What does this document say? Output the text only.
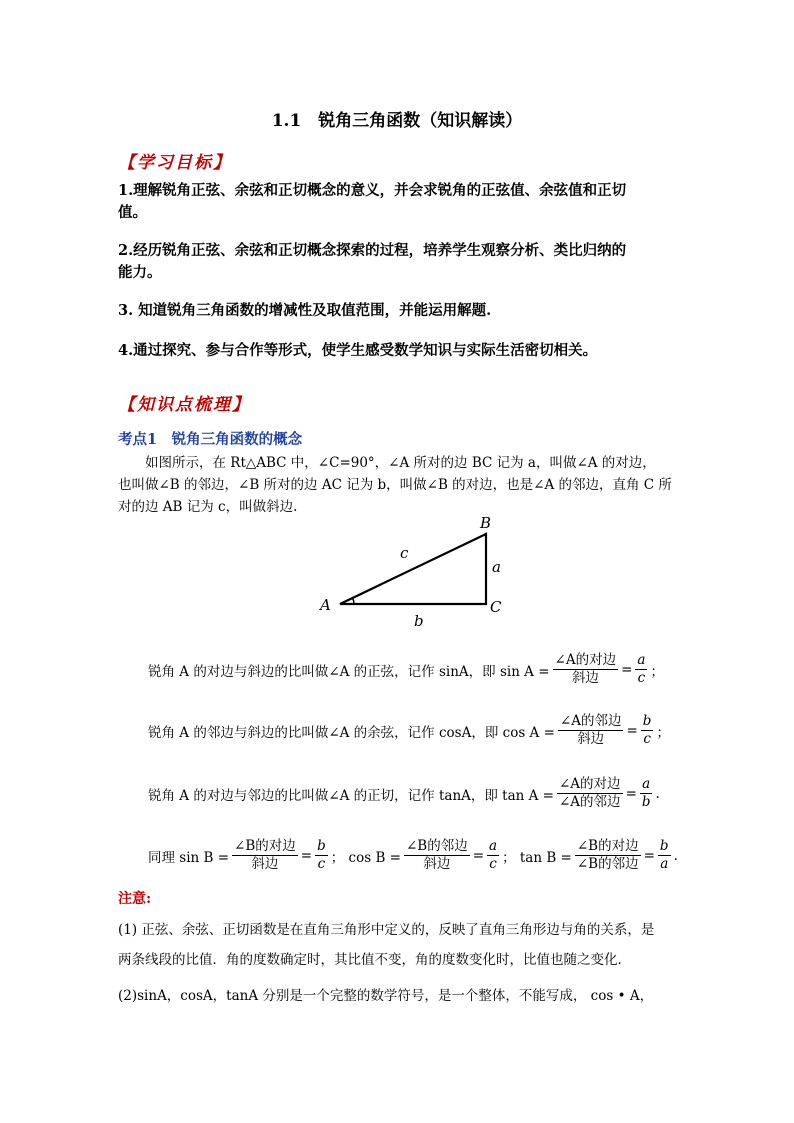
1.1　锐角三角函数（知识解读）
【学习目标】
1.理解锐角正弦、余弦和正切概念的意义，并会求锐角的正弦值、余弦值和正切
值。
2.经历锐角正弦、余弦和正切概念探索的过程，培养学生观察分析、类比归纳的
能力。
3. 知道锐角三角函数的增减性及取值范围，并能运用解题.
4.通过探究、参与合作等形式，使学生感受数学知识与实际生活密切相关。
【知识点梳理】
考点1　锐角三角函数的概念
　　如图所示，在 Rt△ABC 中，∠C=90°，∠A 所对的边 BC 记为 a，叫做∠A 的对边，
也叫做∠B 的邻边，∠B 所对的边 AC 记为 b，叫做∠B 的对边，也是∠A 的邻边，直角 C 所
对的边 AB 记为 c，叫做斜边.
B
A	C
c
a
b
锐角 A 的对边与斜边的比叫做∠A 的正弦，记作 sinA，即 $\sin A = \frac{\text{∠A的对边}}{\text{斜边}} = \frac{a}{c}$ ；
锐角 A 的邻边与斜边的比叫做∠A 的余弦，记作 cosA，即 $\cos A = \frac{\text{∠A的邻边}}{\text{斜边}} = \frac{b}{c}$ ；
锐角 A 的对边与邻边的比叫做∠A 的正切，记作 tanA，即 $\tan A = \frac{\text{∠A的对边}}{\text{∠A的邻边}} = \frac{a}{b}$ .
同理 $\sin B = \frac{\text{∠B的对边}}{\text{斜边}} = \frac{b}{c}$ ； $\cos B = \frac{\text{∠B的邻边}}{\text{斜边}} = \frac{a}{c}$ ； $\tan B = \frac{\text{∠B的对边}}{\text{∠B的邻边}} = \frac{b}{a}$ .
注意:
(1) 正弦、余弦、正切函数是在直角三角形中定义的，反映了直角三角形边与角的关系，是
两条线段的比值．角的度数确定时，其比值不变，角的度数变化时，比值也随之变化．
(2)sinA，cosA，tanA 分别是一个完整的数学符号，是一个整体，不能写成， cos • A，
